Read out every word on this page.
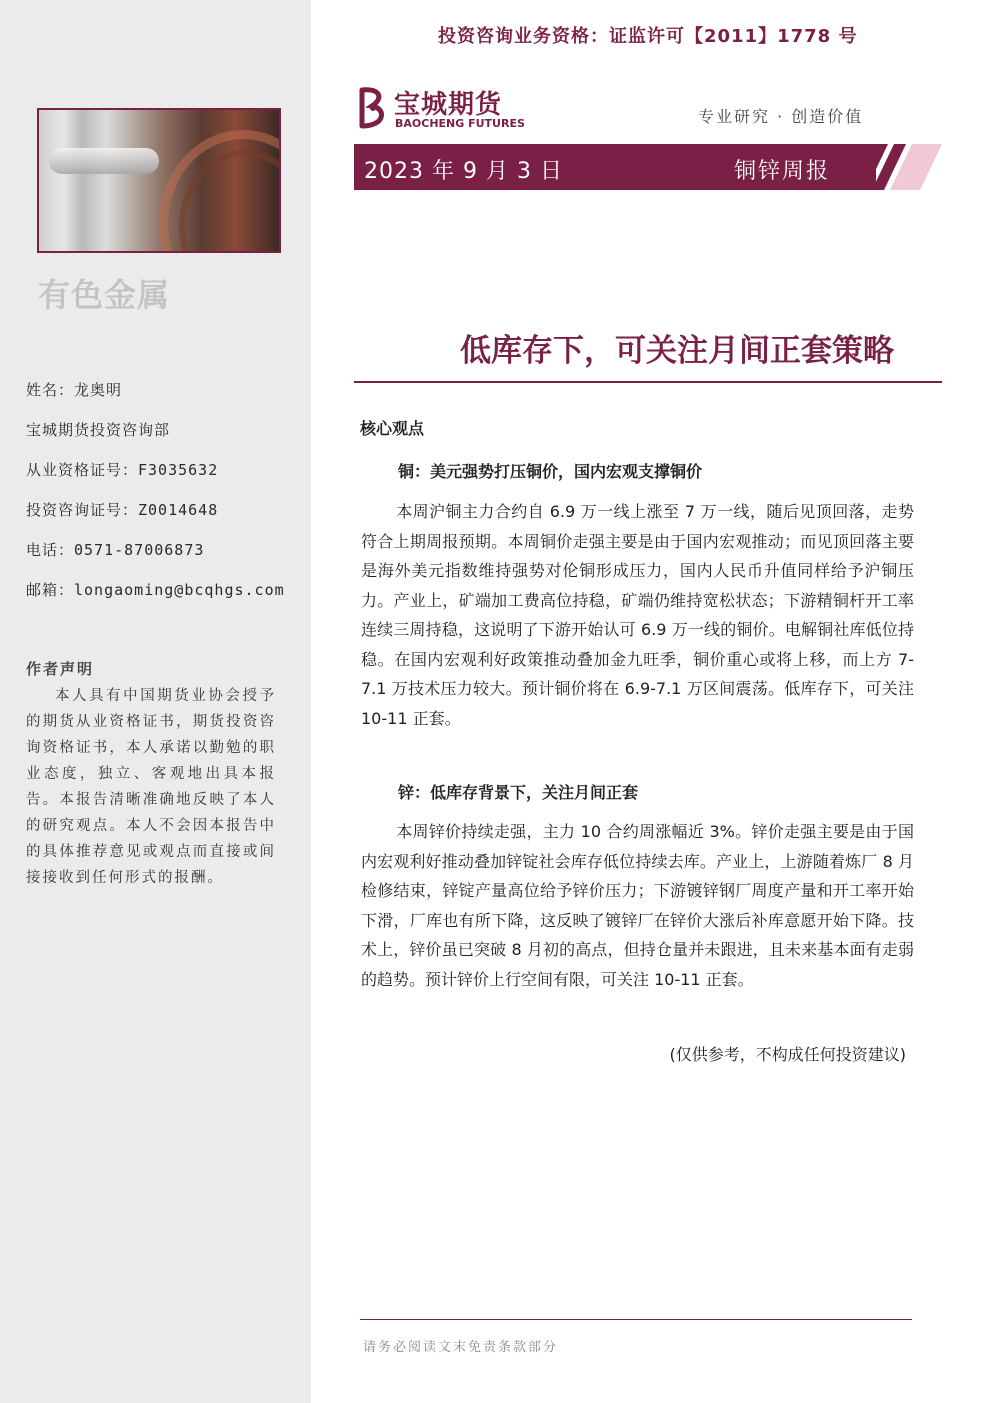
有色金属
姓名：龙奥明
宝城期货投资咨询部
从业资格证号：F3035632
投资咨询证号：Z0014648
电话：0571-87006873
邮箱：longaoming@bcqhgs.com
作者声明
本人具有中国期货业协会授予的期货从业资格证书，期货投资咨询资格证书，本人承诺以勤勉的职业态度，独立、客观地出具本报告。本报告清晰准确地反映了本人的研究观点。本人不会因本报告中的具体推荐意见或观点而直接或间接接收到任何形式的报酬。
投资咨询业务资格：证监许可【2011】1778 号
宝城期货
BAOCHENG FUTURES	专业研究 · 创造价值
2023 年 9 月 3 日	铜锌周报
低库存下，可关注月间正套策略
核心观点
铜：美元强势打压铜价，国内宏观支撑铜价

本周沪铜主力合约自 6.9 万一线上涨至 7 万一线，随后见顶回落，走势符合上期周报预期。本周铜价走强主要是由于国内宏观推动；而见顶回落主要是海外美元指数维持强势对伦铜形成压力，国内人民币升值同样给予沪铜压力。产业上，矿端加工费高位持稳，矿端仍维持宽松状态；下游精铜杆开工率连续三周持稳，这说明了下游开始认可 6.9 万一线的铜价。电解铜社库低位持稳。在国内宏观利好政策推动叠加金九旺季，铜价重心或将上移，而上方 7-7.1 万技术压力较大。预计铜价将在 6.9-7.1 万区间震荡。低库存下，可关注 10-11 正套。

锌：低库存背景下，关注月间正套

本周锌价持续走强，主力 10 合约周涨幅近 3%。锌价走强主要是由于国内宏观利好推动叠加锌锭社会库存低位持续去库。产业上，上游随着炼厂 8 月检修结束，锌锭产量高位给予锌价压力；下游镀锌钢厂周度产量和开工率开始下滑，厂库也有所下降，这反映了镀锌厂在锌价大涨后补库意愿开始下降。技术上，锌价虽已突破 8 月初的高点，但持仓量并未跟进，且未来基本面有走弱的趋势。预计锌价上行空间有限，可关注 10-11 正套。

(仅供参考，不构成任何投资建议)
请务必阅读文末免责条款部分
